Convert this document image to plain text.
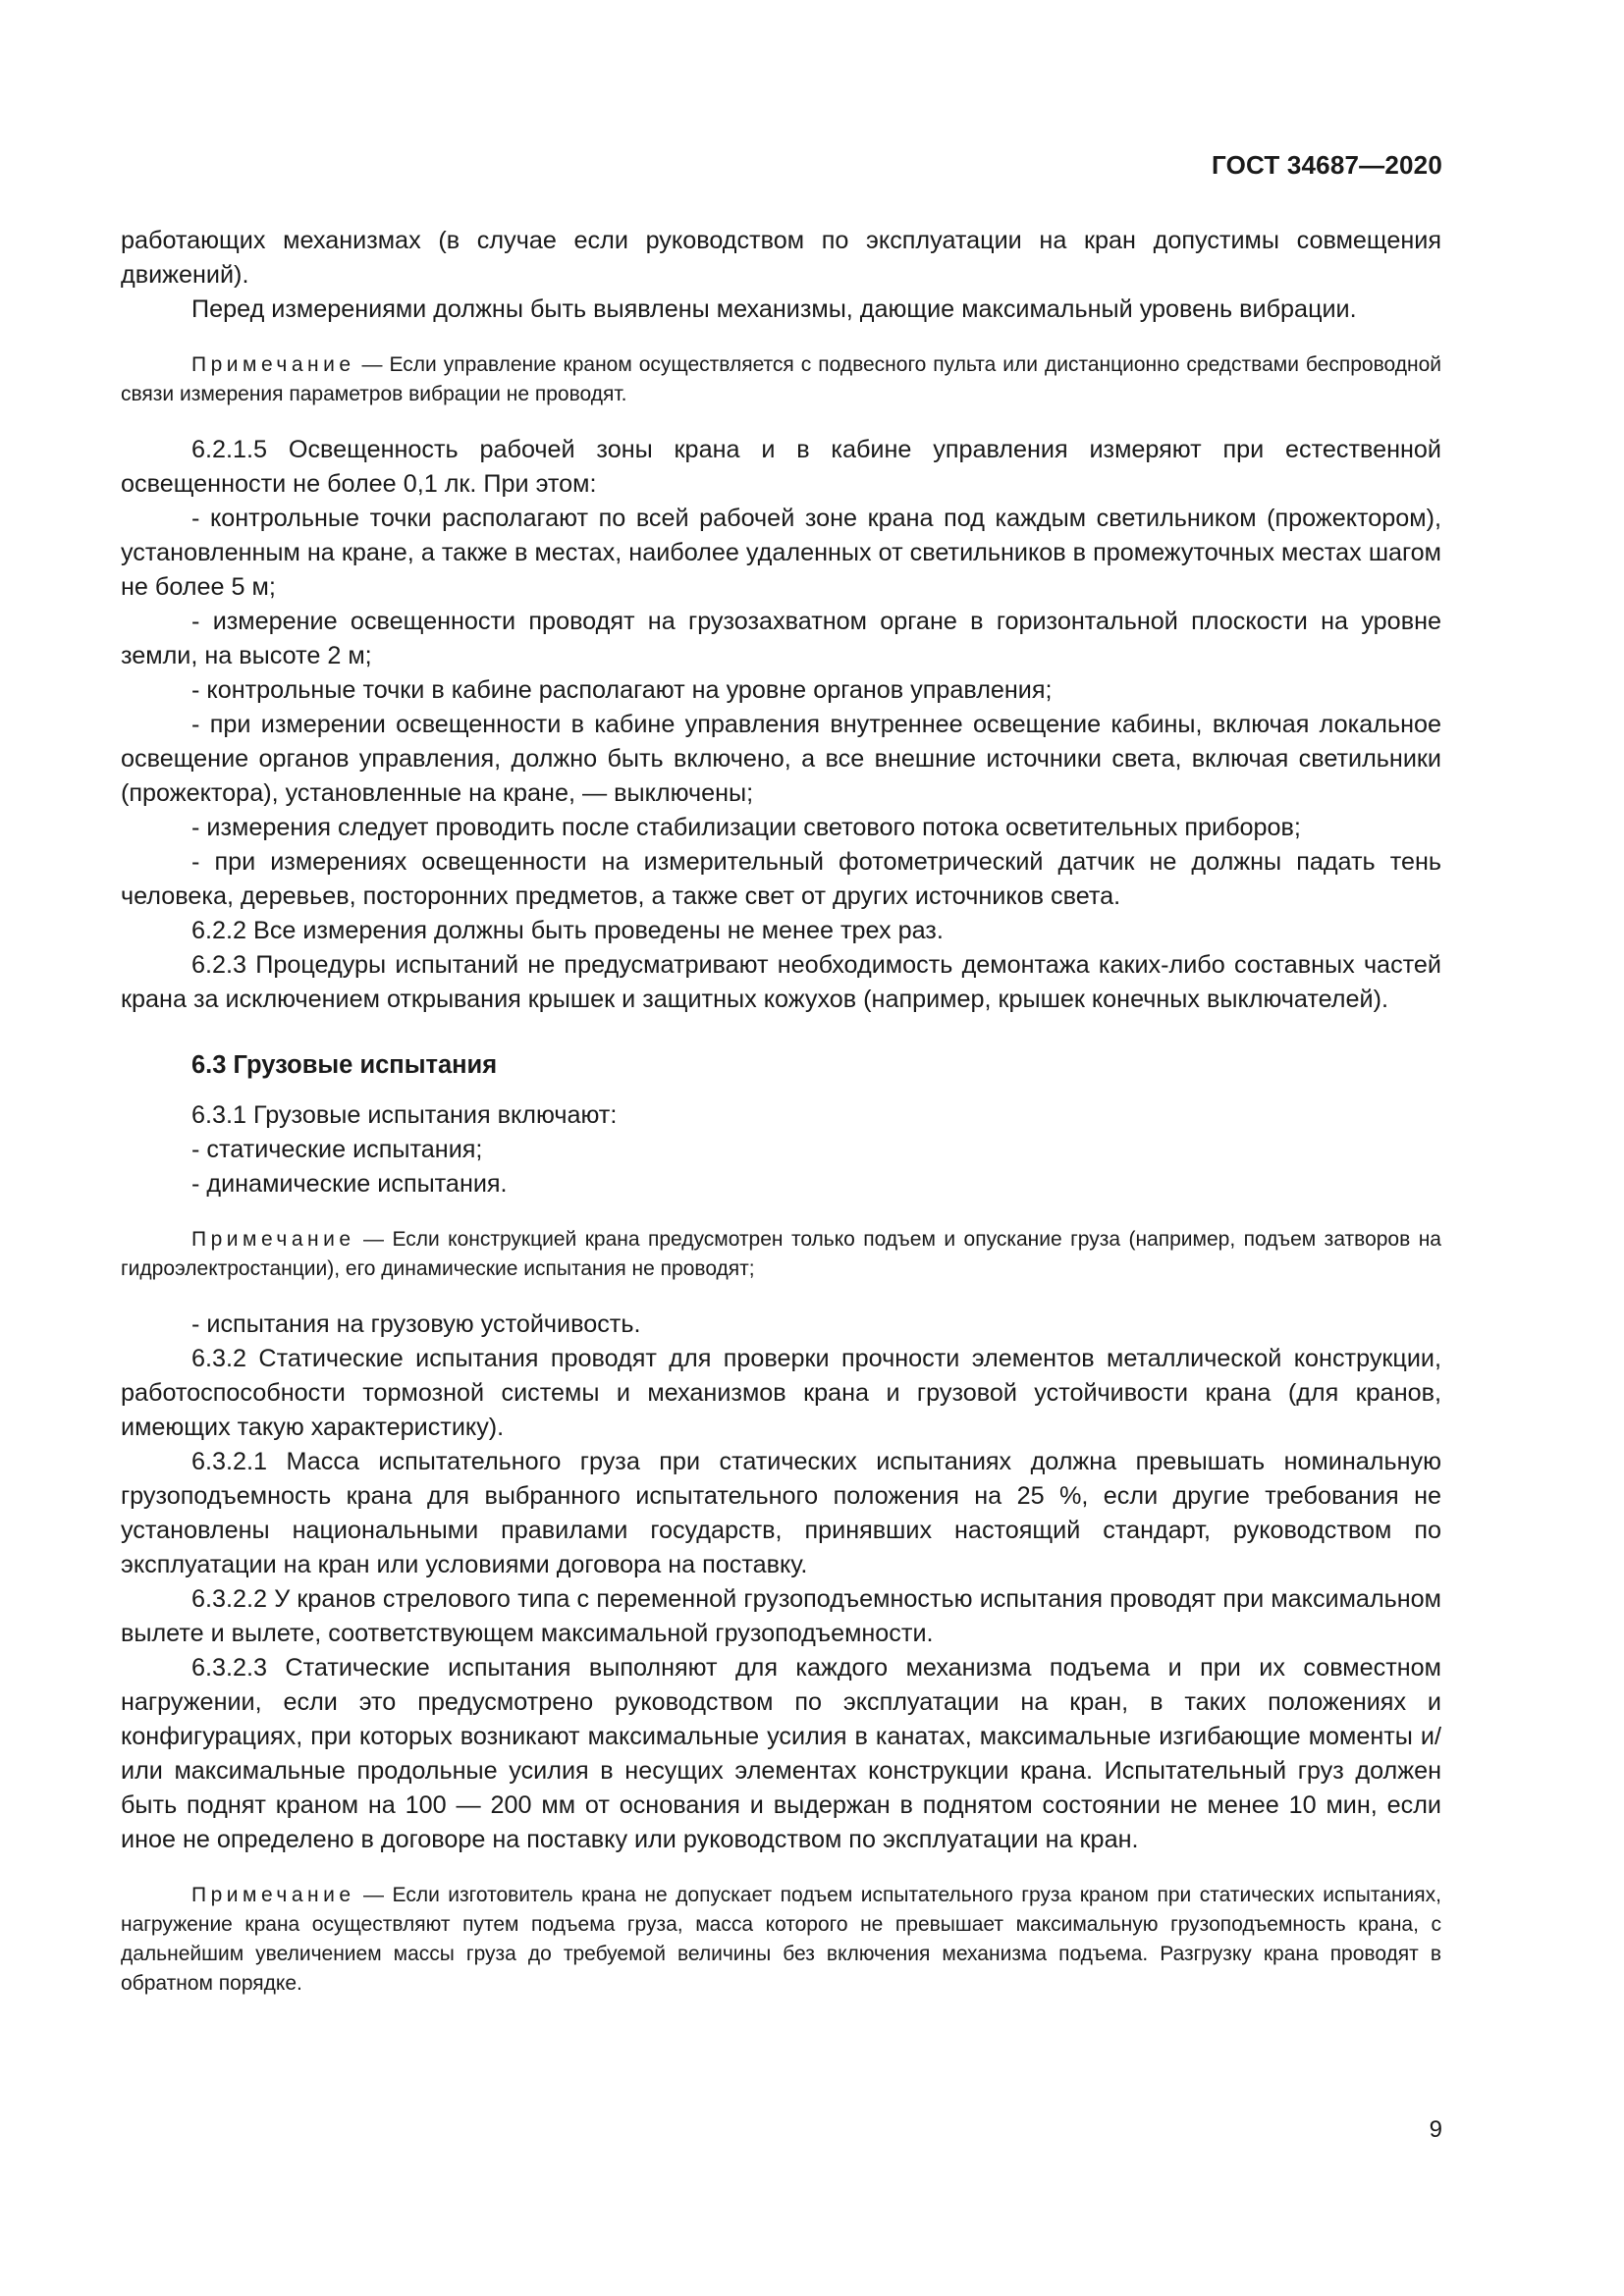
ГОСТ 34687—2020

работающих механизмах (в случае если руководством по эксплуатации на кран допустимы совмещения движений).

Перед измерениями должны быть выявлены механизмы, дающие максимальный уровень вибрации.

Примечание — Если управление краном осуществляется с подвесного пульта или дистанционно средствами беспроводной связи измерения параметров вибрации не проводят.

6.2.1.5 Освещенность рабочей зоны крана и в кабине управления измеряют при естественной освещенности не более 0,1 лк. При этом:

- контрольные точки располагают по всей рабочей зоне крана под каждым светильником (прожектором), установленным на кране, а также в местах, наиболее удаленных от светильников в промежуточных местах шагом не более 5 м;

- измерение освещенности проводят на грузозахватном органе в горизонтальной плоскости на уровне земли, на высоте 2 м;

- контрольные точки в кабине располагают на уровне органов управления;

- при измерении освещенности в кабине управления внутреннее освещение кабины, включая локальное освещение органов управления, должно быть включено, а все внешние источники света, включая светильники (прожектора), установленные на кране, — выключены;

- измерения следует проводить после стабилизации светового потока осветительных приборов;

- при измерениях освещенности на измерительный фотометрический датчик не должны падать тень человека, деревьев, посторонних предметов, а также свет от других источников света.

6.2.2 Все измерения должны быть проведены не менее трех раз.

6.2.3 Процедуры испытаний не предусматривают необходимость демонтажа каких-либо составных частей крана за исключением открывания крышек и защитных кожухов (например, крышек конечных выключателей).

6.3 Грузовые испытания

6.3.1 Грузовые испытания включают:

- статические испытания;

- динамические испытания.

Примечание — Если конструкцией крана предусмотрен только подъем и опускание груза (например, подъем затворов на гидроэлектростанции), его динамические испытания не проводят;

- испытания на грузовую устойчивость.

6.3.2 Статические испытания проводят для проверки прочности элементов металлической конструкции, работоспособности тормозной системы и механизмов крана и грузовой устойчивости крана (для кранов, имеющих такую характеристику).

6.3.2.1 Масса испытательного груза при статических испытаниях должна превышать номинальную грузоподъемность крана для выбранного испытательного положения на 25 %, если другие требования не установлены национальными правилами государств, принявших настоящий стандарт, руководством по эксплуатации на кран или условиями договора на поставку.

6.3.2.2 У кранов стрелового типа с переменной грузоподъемностью испытания проводят при максимальном вылете и вылете, соответствующем максимальной грузоподъемности.

6.3.2.3 Статические испытания выполняют для каждого механизма подъема и при их совместном нагружении, если это предусмотрено руководством по эксплуатации на кран, в таких положениях и конфигурациях, при которых возникают максимальные усилия в канатах, максимальные изгибающие моменты и/или максимальные продольные усилия в несущих элементах конструкции крана. Испытательный груз должен быть поднят краном на 100 — 200 мм от основания и выдержан в поднятом состоянии не менее 10 мин, если иное не определено в договоре на поставку или руководством по эксплуатации на кран.

Примечание — Если изготовитель крана не допускает подъем испытательного груза краном при статических испытаниях, нагружение крана осуществляют путем подъема груза, масса которого не превышает максимальную грузоподъемность крана, с дальнейшим увеличением массы груза до требуемой величины без включения механизма подъема. Разгрузку крана проводят в обратном порядке.

9
